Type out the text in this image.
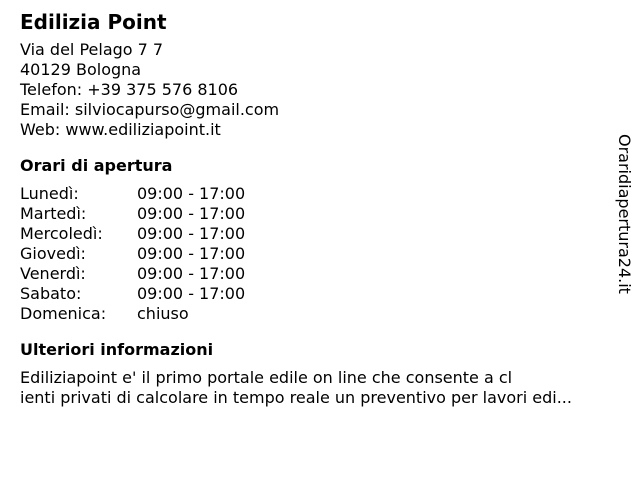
Edilizia Point
Via del Pelago 7 7
40129 Bologna
Telefon: +39 375 576 8106
Email: silviocapurso@gmail.com
Web: www.ediliziapoint.it
Orari di apertura
Lunedì:	09:00 - 17:00
Martedì:	09:00 - 17:00
Mercoledì:	09:00 - 17:00
Giovedì:	09:00 - 17:00
Venerdì:	09:00 - 17:00
Sabato:	09:00 - 17:00
Domenica:	chiuso
Ulteriori informazioni
Ediliziapoint e' il primo portale edile on line che consente a cl
ienti privati di calcolare in tempo reale un preventivo per lavori edi...
Oraridiapertura24.it
